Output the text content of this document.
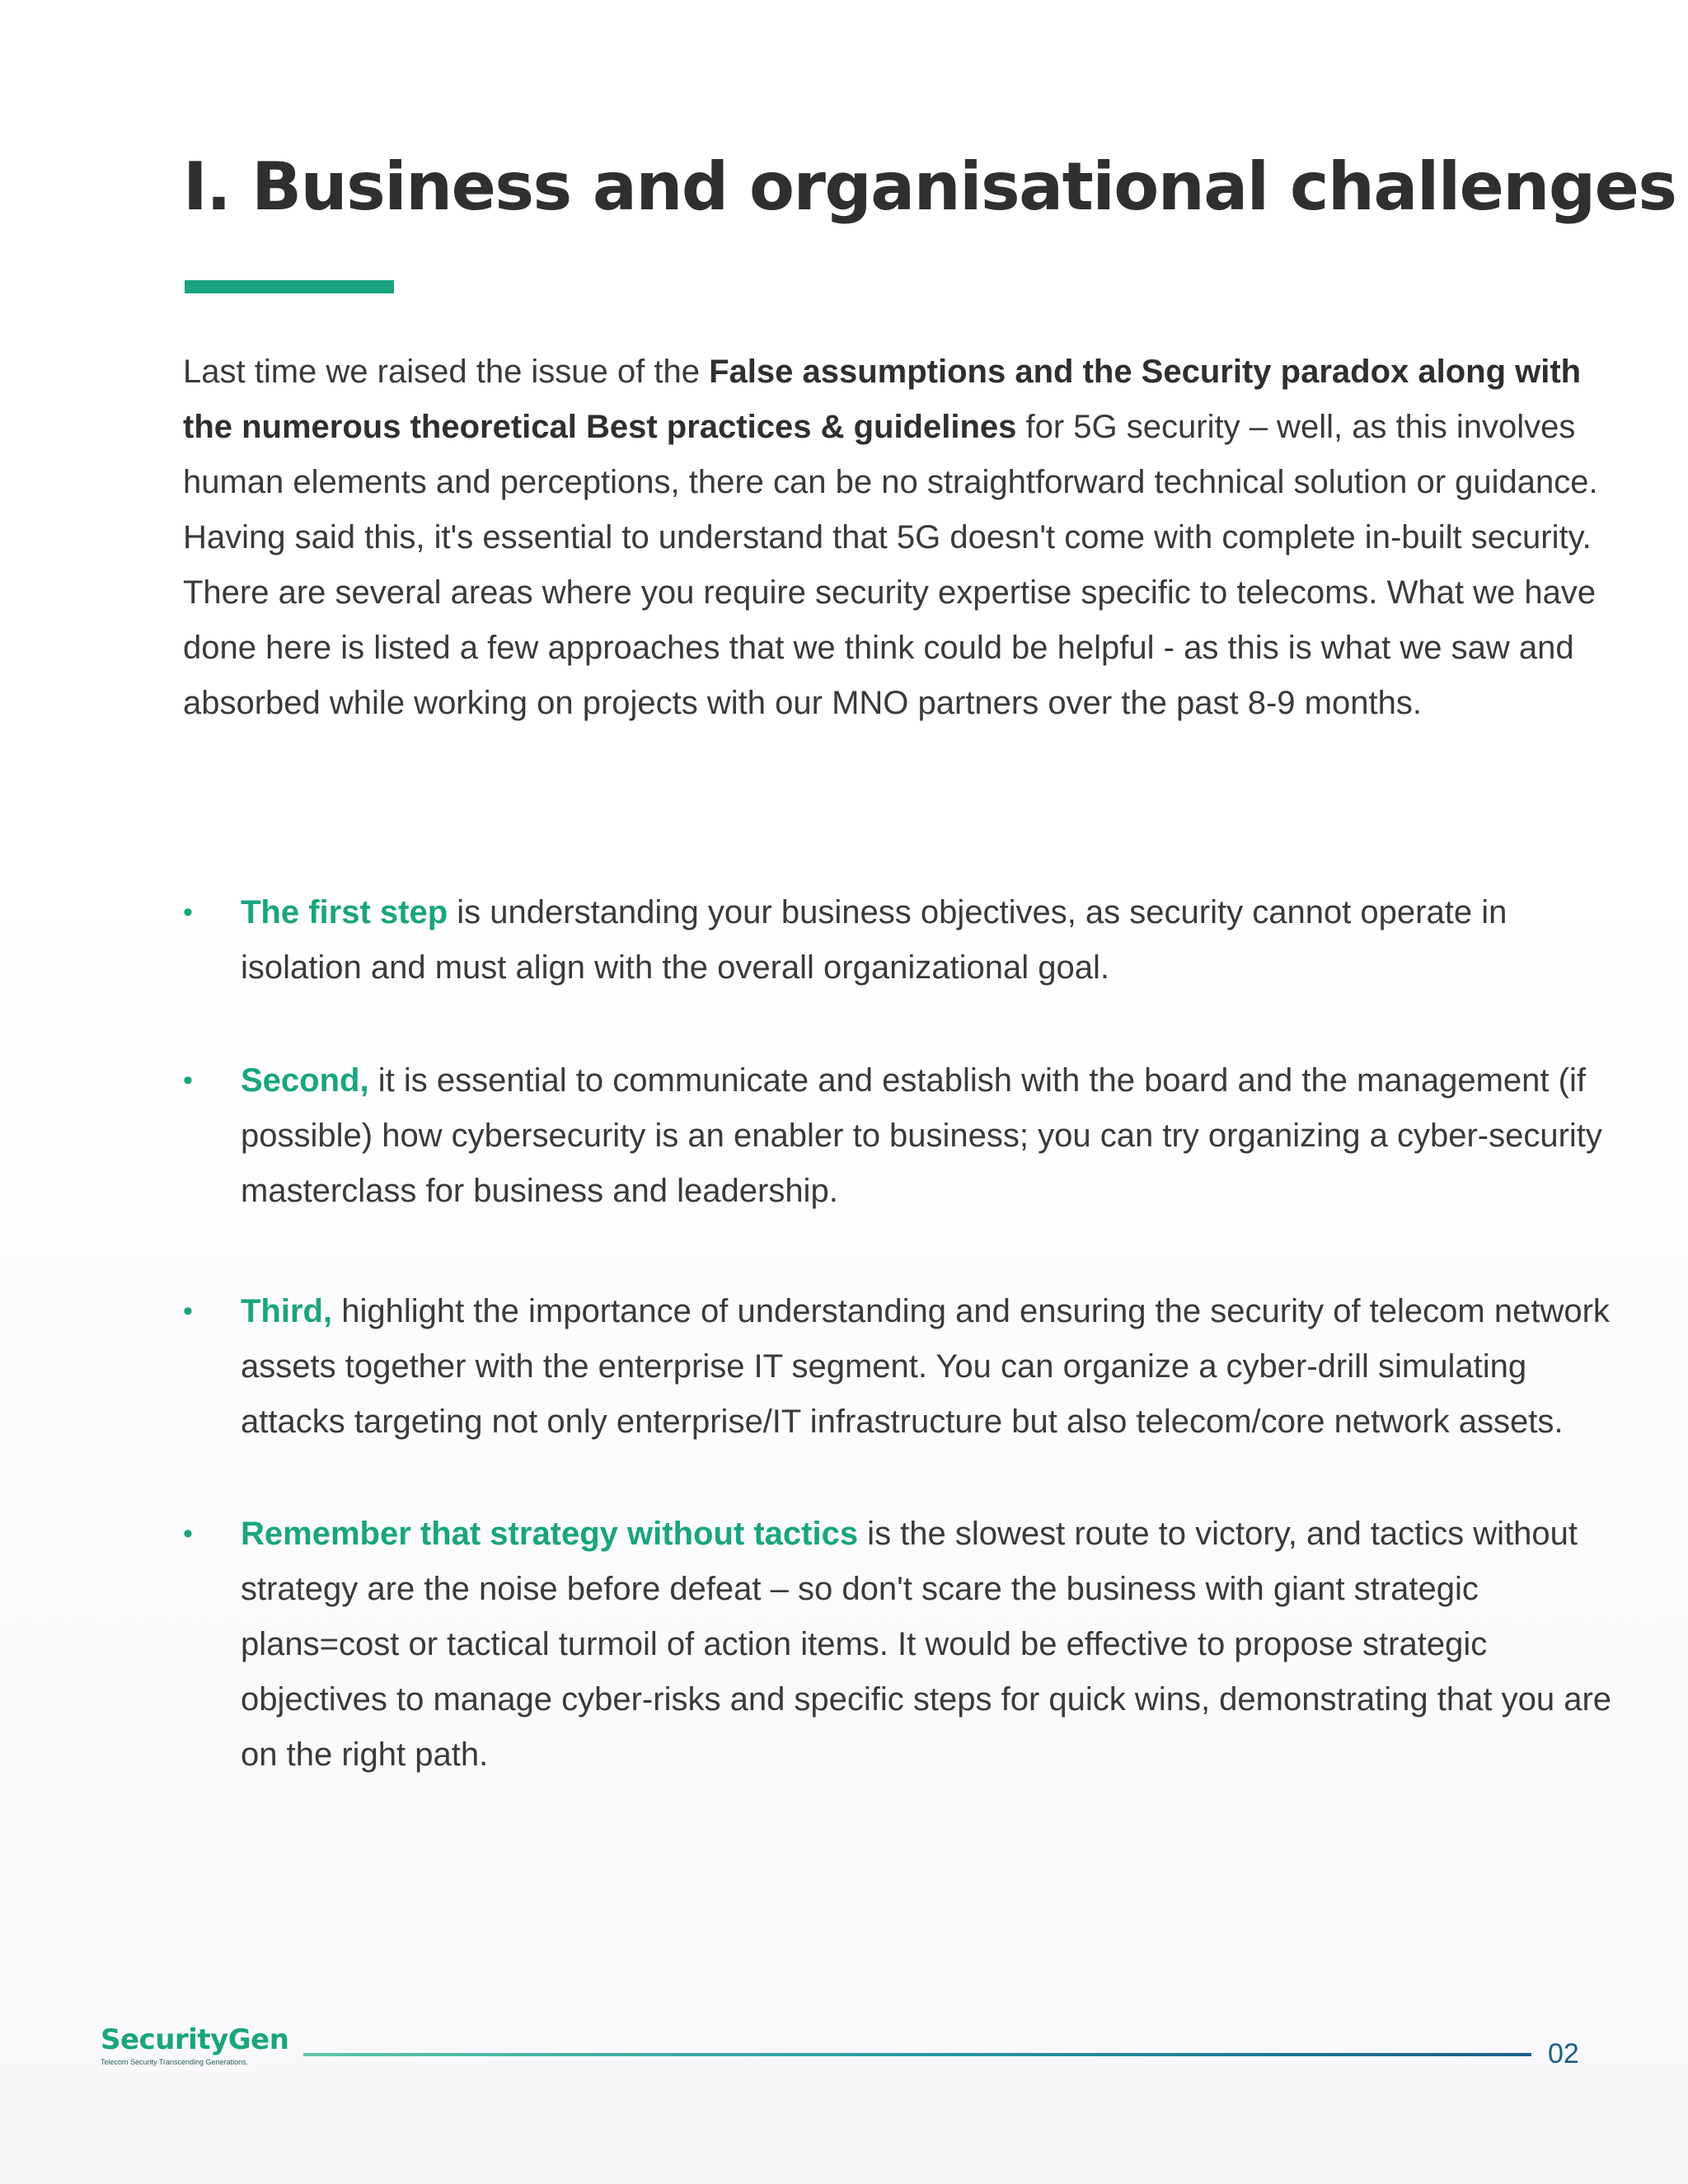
I. Business and organisational challenges

Last time we raised the issue of the False assumptions and the Security paradox along with the numerous theoretical Best practices & guidelines for 5G security – well, as this involves human elements and perceptions, there can be no straightforward technical solution or guidance. Having said this, it's essential to understand that 5G doesn't come with complete in-built security. There are several areas where you require security expertise specific to telecoms. What we have done here is listed a few approaches that we think could be helpful - as this is what we saw and absorbed while working on projects with our MNO partners over the past 8-9 months.

•	The first step is understanding your business objectives, as security cannot operate in isolation and must align with the overall organizational goal.
•	Second, it is essential to communicate and establish with the board and the management (if possible) how cybersecurity is an enabler to business; you can try organizing a cyber-security masterclass for business and leadership.
•	Third, highlight the importance of understanding and ensuring the security of telecom network assets together with the enterprise IT segment. You can organize a cyber-drill simulating attacks targeting not only enterprise/IT infrastructure but also telecom/core network assets.
•	Remember that strategy without tactics is the slowest route to victory, and tactics without strategy are the noise before defeat – so don't scare the business with giant strategic plans=cost or tactical turmoil of action items. It would be effective to propose strategic objectives to manage cyber-risks and specific steps for quick wins, demonstrating that you are on the right path.
SecurityGen
Telecom Security Transcending Generations.	02
